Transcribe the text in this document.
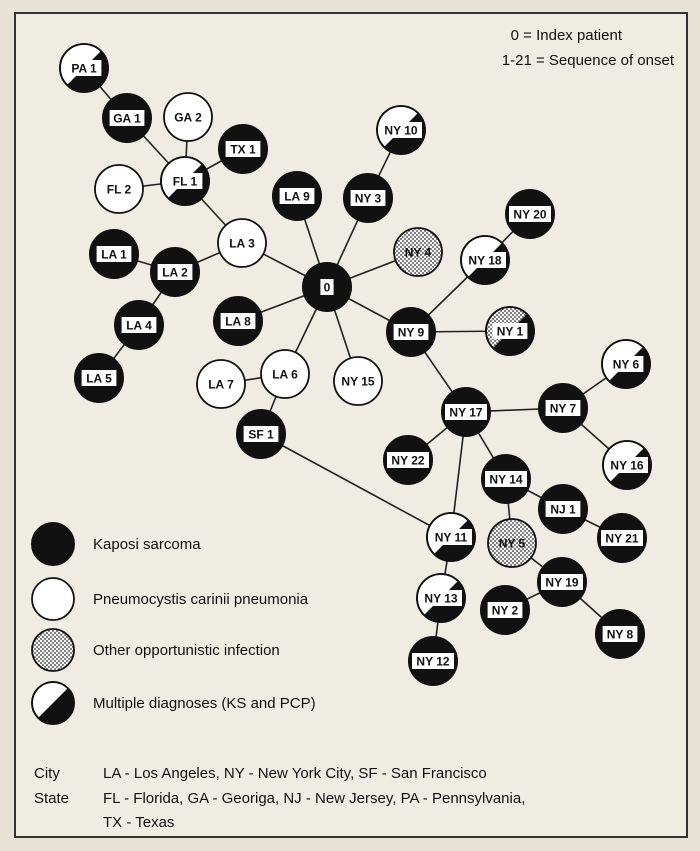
0 = Index patient
1-21 = Sequence of onset
PA 1
GA 1	GA 2
TX 1
FL 1
FL 2	LA 9	NY 3
NY 10
NY 20
LA 3
LA 1
LA 2
NY 4
NY 18
0
LA 4	LA 8
NY 9	NY 1
LA 5	LA 7
LA 6	NY 15
NY 6
NY 17	NY 7
SF 1
NY 22	NY 16
NY 14
NJ 1
NY 11	NY 5	NY 21
NY 19
NY 13
NY 2
NY 8
NY 12
Kaposi sarcoma
Pneumocystis carinii pneumonia
Other opportunistic infection
Multiple diagnoses (KS and PCP)
City	LA - Los Angeles, NY - New York City, SF - San Francisco
State FL - Florida, GA - Georiga, NJ - New Jersey, PA - Pennsylvania,
TX - Texas
